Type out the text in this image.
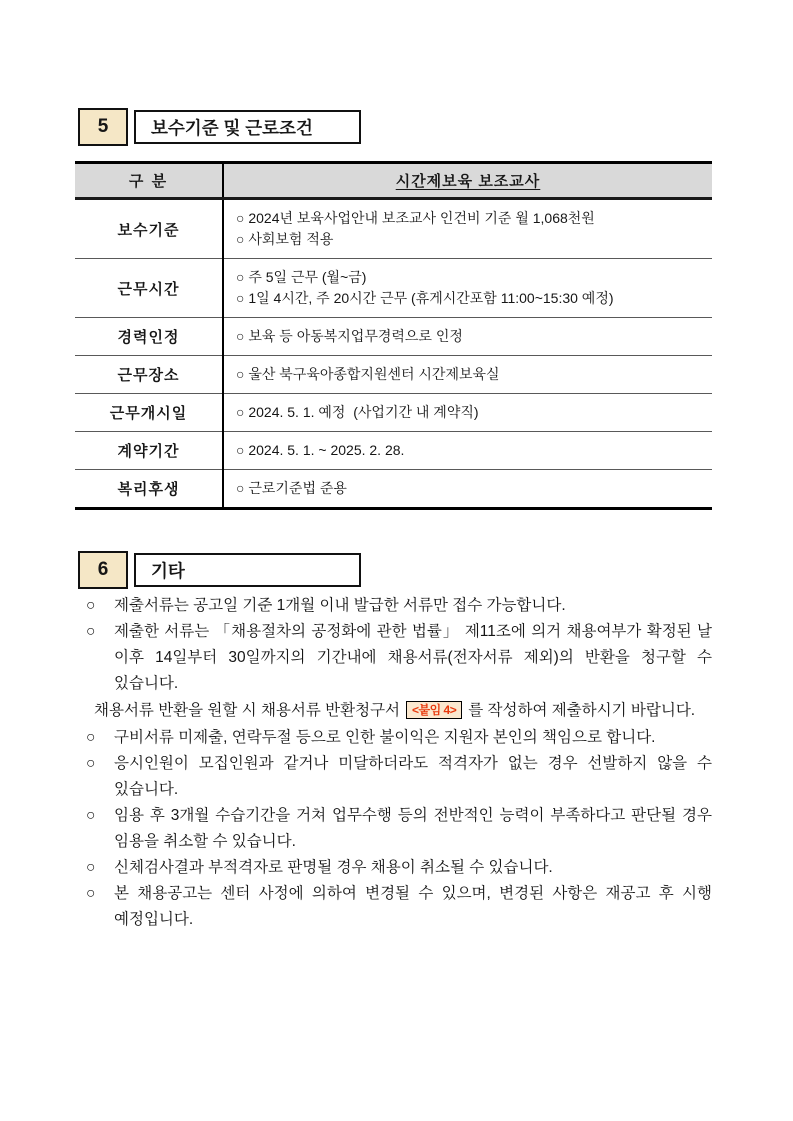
5	보수기준 및 근로조건
구 분	시간제보육 보조교사
보수기준	○ 2024년 보육사업안내 보조교사 인건비 기준 월 1,068천원
○ 사회보험 적용

근무시간	○ 주 5일 근무 (월~금)
○ 1일 4시간, 주 20시간 근무 (휴게시간포함 11:00~15:30 예정)

경력인정	○ 보육 등 아동복지업무경력으로 인정

근무장소	○ 울산 북구육아종합지원센터 시간제보육실

근무개시일	○ 2024. 5. 1. 예정  (사업기간 내 계약직)

계약기간	○ 2024. 5. 1. ~ 2025. 2. 28.

복리후생	○ 근로기준법 준용
6	기타
○	제출서류는 공고일 기준 1개월 이내 발급한 서류만 접수 가능합니다.
○	제출한 서류는 「채용절차의 공정화에 관한 법률」 제11조에 의거 채용여부가 확정된 날 이후 14일부터 30일까지의 기간내에 채용서류(전자서류 제외)의 반환을 청구할 수 있습니다.
채용서류 반환을 원할 시 채용서류 반환청구서 <붙임 4> 를 작성하여 제출하시기 바랍니다.
○	구비서류 미제출, 연락두절 등으로 인한 불이익은 지원자 본인의 책임으로 합니다.
○	응시인원이 모집인원과 같거나 미달하더라도 적격자가 없는 경우 선발하지 않을 수 있습니다.
○	임용 후 3개월 수습기간을 거쳐 업무수행 등의 전반적인 능력이 부족하다고 판단될 경우 임용을 취소할 수 있습니다.
○	신체검사결과 부적격자로 판명될 경우 채용이 취소될 수 있습니다.
○	본 채용공고는 센터 사정에 의하여 변경될 수 있으며, 변경된 사항은 재공고 후 시행 예정입니다.
